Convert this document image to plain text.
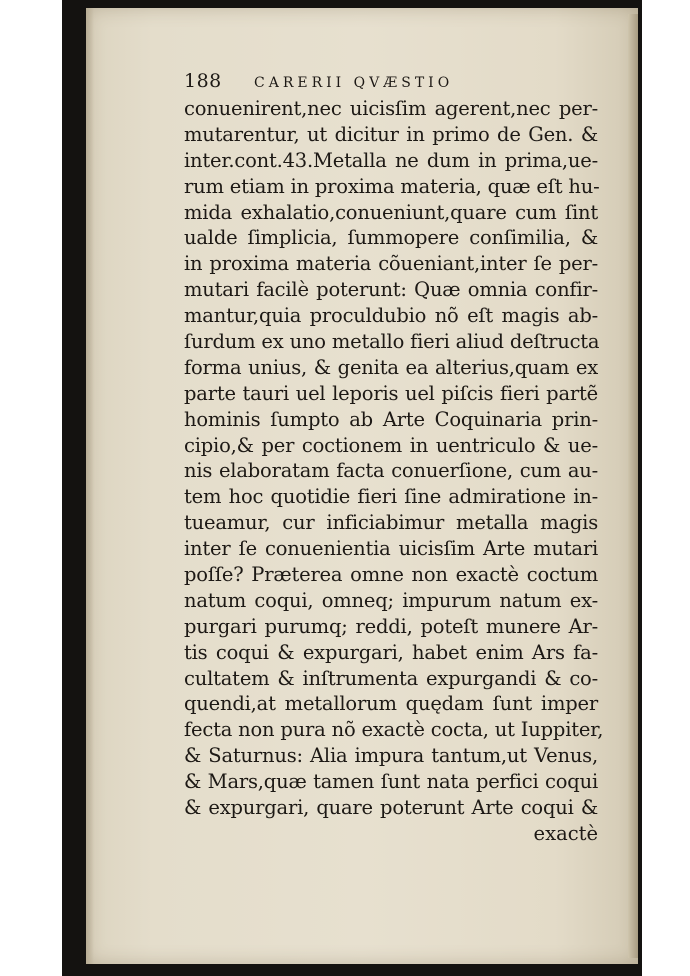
188	CARERII QVÆSTIO
conuenirent,nec uicisſim agerent,nec per-
mutarentur, ut dicitur in primo de Gen. &
inter.cont.43.Metalla ne dum in prima,ue-
rum etiam in proxima materia, quæ eſt hu-
mida exhalatio,conueniunt,quare cum ſint
ualde ſimplicia, ſummopere conſimilia, &
in proxima materia cõueniant,inter ſe per-
mutari facilè poterunt: Quæ omnia confir-
mantur,quia proculdubio nõ eſt magis ab-
ſurdum ex uno metallo fieri aliud deſtructa
forma unius, & genita ea alterius,quam ex
parte tauri uel leporis uel piſcis fieri partẽ
hominis ſumpto ab Arte Coquinaria prin-
cipio,& per coctionem in uentriculo & ue-
nis elaboratam facta conuerſione, cum au-
tem hoc quotidie fieri ſine admiratione in-
tueamur, cur inficiabimur metalla magis
inter ſe conuenientia uicisſim Arte mutari
poſſe? Præterea omne non exactè coctum
natum coqui, omneq; impurum natum ex-
purgari purumq; reddi, poteſt munere Ar-
tis coqui & expurgari, habet enim Ars fa-
cultatem & inſtrumenta expurgandi & co-
quendi,at metallorum quędam ſunt imper
fecta non pura nõ exactè cocta, ut Iuppiter,
& Saturnus: Alia impura tantum,ut Venus,
& Mars,quæ tamen ſunt nata perfici coqui
& expurgari, quare poterunt Arte coqui &
exactè
